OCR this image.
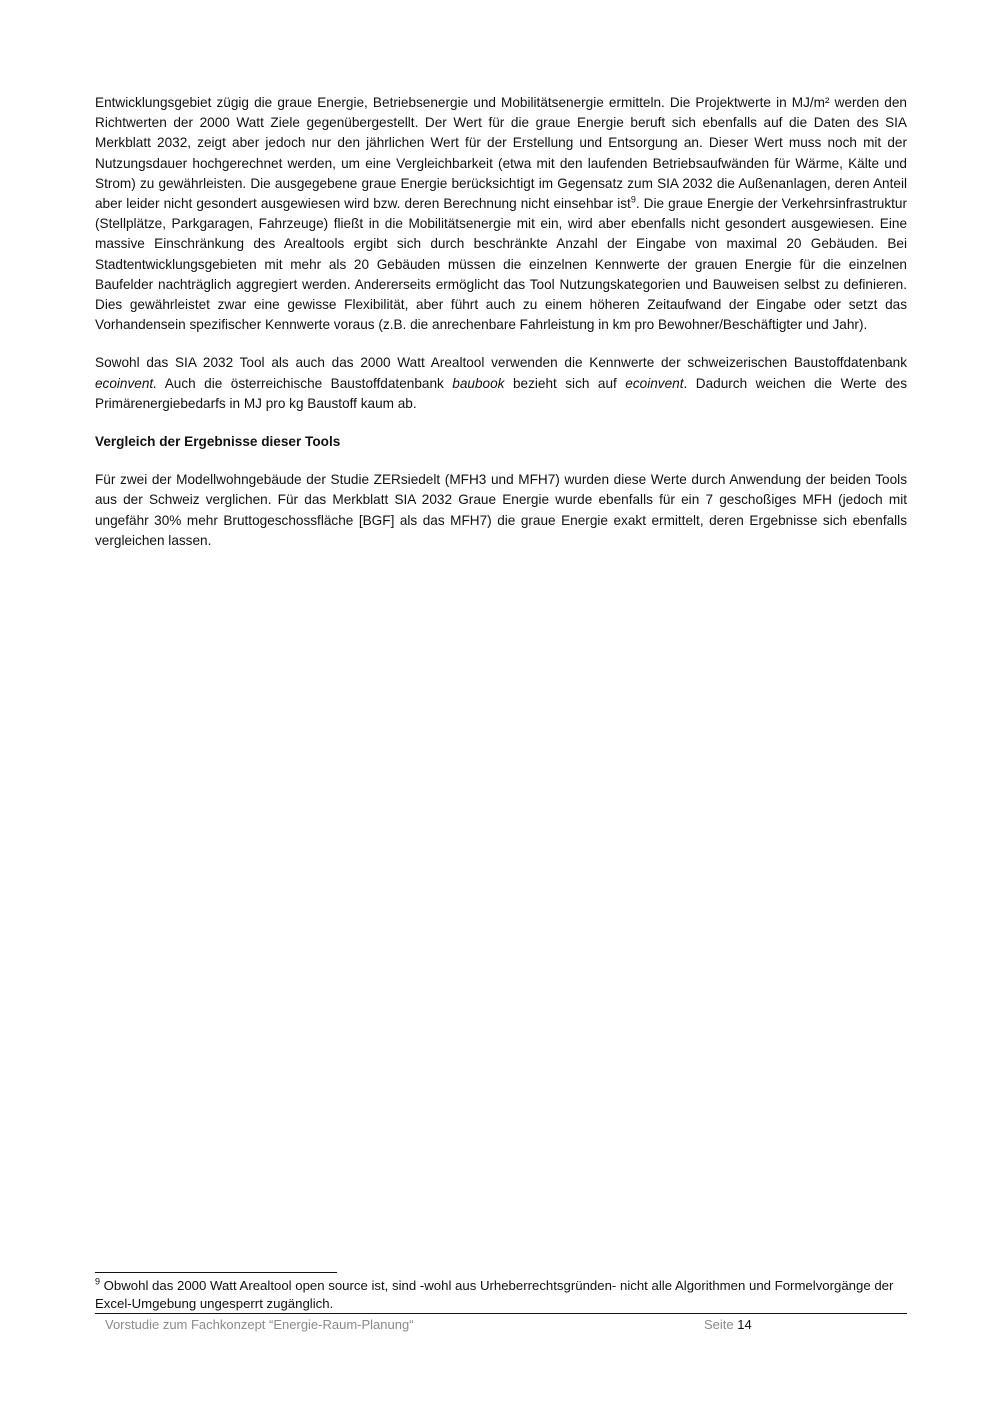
Entwicklungsgebiet zügig die graue Energie, Betriebsenergie und Mobilitätsenergie ermitteln. Die Projektwerte in MJ/m² werden den Richtwerten der 2000 Watt Ziele gegenübergestellt. Der Wert für die graue Energie beruft sich ebenfalls auf die Daten des SIA Merkblatt 2032, zeigt aber jedoch nur den jährlichen Wert für der Erstellung und Entsorgung an. Dieser Wert muss noch mit der Nutzungsdauer hochgerechnet werden, um eine Vergleichbarkeit (etwa mit den laufenden Betriebsaufwänden für Wärme, Kälte und Strom) zu gewährleisten. Die ausgegebene graue Energie berücksichtigt im Gegensatz zum SIA 2032 die Außenanlagen, deren Anteil aber leider nicht gesondert ausgewiesen wird bzw. deren Berechnung nicht einsehbar ist$^9$. Die graue Energie der Verkehrsinfrastruktur (Stellplätze, Parkgaragen, Fahrzeuge) fließt in die Mobilitätsenergie mit ein, wird aber ebenfalls nicht gesondert ausgewiesen. Eine massive Einschränkung des Arealtools ergibt sich durch beschränkte Anzahl der Eingabe von maximal 20 Gebäuden. Bei Stadtentwicklungsgebieten mit mehr als 20 Gebäuden müssen die einzelnen Kennwerte der grauen Energie für die einzelnen Baufelder nachträglich aggregiert werden. Andererseits ermöglicht das Tool Nutzungskategorien und Bauweisen selbst zu definieren. Dies gewährleistet zwar eine gewisse Flexibilität, aber führt auch zu einem höheren Zeitaufwand der Eingabe oder setzt das Vorhandensein spezifischer Kennwerte voraus (z.B. die anrechenbare Fahrleistung in km pro Bewohner/Beschäftigter und Jahr).

Sowohl das SIA 2032 Tool als auch das 2000 Watt Arealtool verwenden die Kennwerte der schweizerischen Baustoffdatenbank ecoinvent. Auch die österreichische Baustoffdatenbank baubook bezieht sich auf ecoinvent. Dadurch weichen die Werte des Primärenergiebedarfs in MJ pro kg Baustoff kaum ab.

Vergleich der Ergebnisse dieser Tools

Für zwei der Modellwohngebäude der Studie ZERsiedelt (MFH3 und MFH7) wurden diese Werte durch Anwendung der beiden Tools aus der Schweiz verglichen. Für das Merkblatt SIA 2032 Graue Energie wurde ebenfalls für ein 7 geschoßiges MFH (jedoch mit ungefähr 30% mehr Bruttogeschossfläche [BGF] als das MFH7) die graue Energie exakt ermittelt, deren Ergebnisse sich ebenfalls vergleichen lassen.

$^9$ Obwohl das 2000 Watt Arealtool open source ist, sind -wohl aus Urheberrechtsgründen- nicht alle Algorithmen und Formelvorgänge der Excel-Umgebung ungesperrt zugänglich.
Vorstudie zum Fachkonzept “Energie-Raum-Planung“	Seite 14
